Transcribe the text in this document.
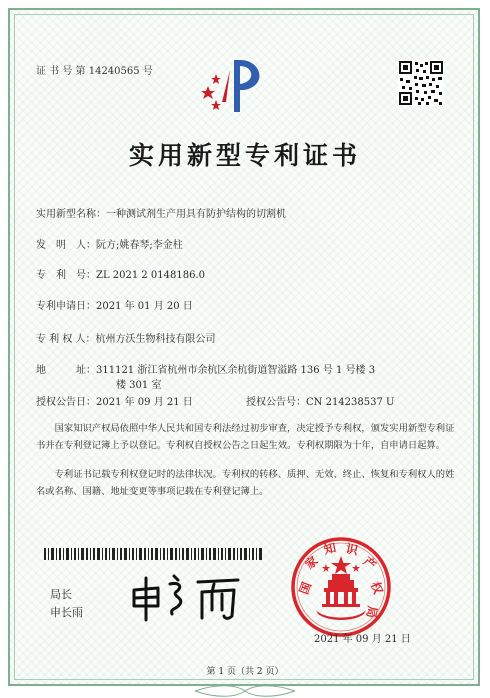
证 书 号 第 14240565 号
实用新型专利证书
实用新型名称：一种测试剂生产用具有防护结构的切割机
发　明　人：阮方;姚春琴;李金柱
专　利　号：ZL 2021 2 0148186.0
专利申请日：2021 年 01 月 20 日
专 利 权 人：杭州方沃生物科技有限公司
地　　　址：311121 浙江省杭州市余杭区余杭街道智溢路 136 号 1 号楼 3
楼 301 室
授权公告日：2021 年 09 月 21 日	授权公告号：CN 214238537 U
国家知识产权局依照中华人民共和国专利法经过初步审查，决定授予专利权，颁发实用新型专利证书并在专利登记簿上予以登记。专利权自授权公告之日起生效。专利权期限为十年，自申请日起算。
专利证书记载专利权登记时的法律状况。专利权的转移、质押、无效、终止、恢复和专利权人的姓名或名称、国籍、地址变更等事项记载在专利登记簿上。
局长
申长雨
国
家
知 识
产
权
局
2021 年 09 月 21 日
第 1 页（共 2 页）
